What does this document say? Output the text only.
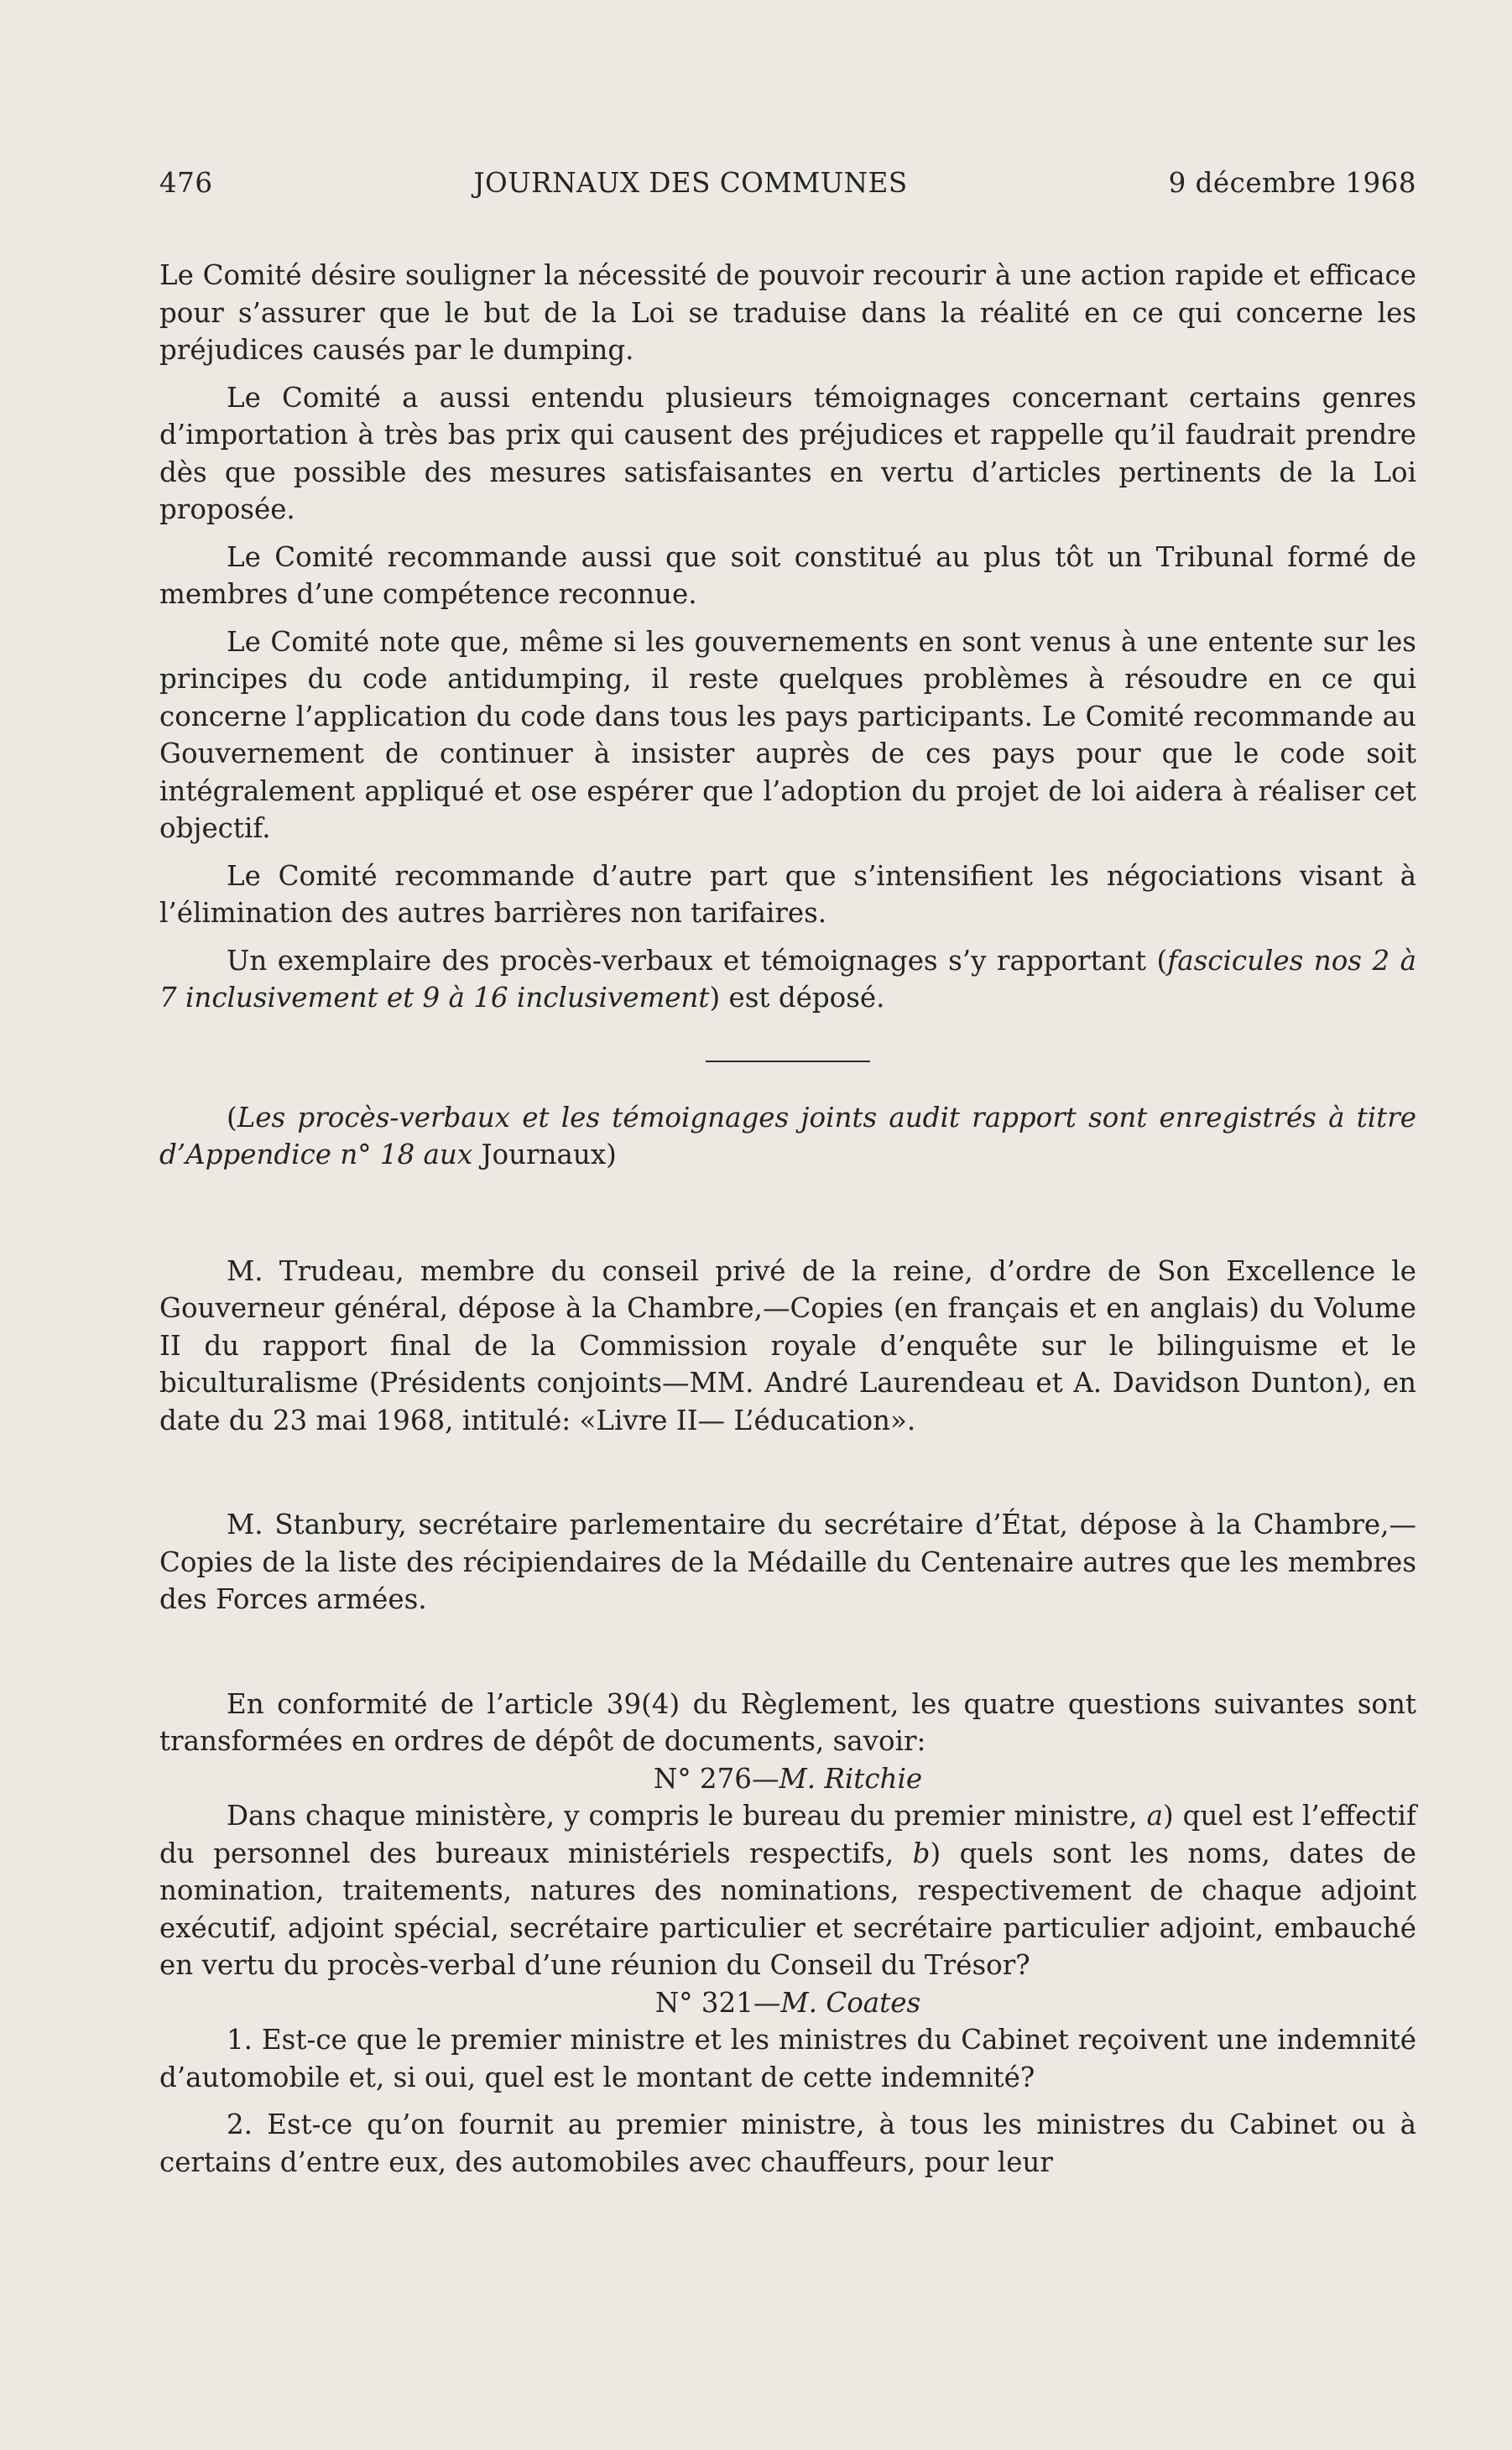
476	JOURNAUX DES COMMUNES	9 décembre 1968

Le Comité désire souligner la nécessité de pouvoir recourir à une action rapide et efficace pour s’assurer que le but de la Loi se traduise dans la réalité en ce qui concerne les préjudices causés par le dumping.

Le Comité a aussi entendu plusieurs témoignages concernant certains genres d’importation à très bas prix qui causent des préjudices et rappelle qu’il faudrait prendre dès que possible des mesures satisfaisantes en vertu d’articles pertinents de la Loi proposée.

Le Comité recommande aussi que soit constitué au plus tôt un Tribunal formé de membres d’une compétence reconnue.

Le Comité note que, même si les gouvernements en sont venus à une entente sur les principes du code antidumping, il reste quelques problèmes à résoudre en ce qui concerne l’application du code dans tous les pays participants. Le Comité recommande au Gouvernement de continuer à insister auprès de ces pays pour que le code soit intégralement appliqué et ose espérer que l’adoption du projet de loi aidera à réaliser cet objectif.

Le Comité recommande d’autre part que s’intensifient les négociations visant à l’élimination des autres barrières non tarifaires.

Un exemplaire des procès-verbaux et témoignages s’y rapportant (fascicules nos 2 à 7 inclusivement et 9 à 16 inclusivement) est déposé.

(Les procès-verbaux et les témoignages joints audit rapport sont enregistrés à titre d’Appendice n° 18 aux Journaux)

M. Trudeau, membre du conseil privé de la reine, d’ordre de Son Excellence le Gouverneur général, dépose à la Chambre,—Copies (en français et en anglais) du Volume II du rapport final de la Commission royale d’enquête sur le bilinguisme et le biculturalisme (Présidents conjoints—MM. André Laurendeau et A. Davidson Dunton), en date du 23 mai 1968, intitulé: «Livre II— L’éducation».

M. Stanbury, secrétaire parlementaire du secrétaire d’État, dépose à la Chambre,—Copies de la liste des récipiendaires de la Médaille du Centenaire autres que les membres des Forces armées.

En conformité de l’article 39(4) du Règlement, les quatre questions suivantes sont transformées en ordres de dépôt de documents, savoir:

N° 276—M. Ritchie

Dans chaque ministère, y compris le bureau du premier ministre, a) quel est l’effectif du personnel des bureaux ministériels respectifs, b) quels sont les noms, dates de nomination, traitements, natures des nominations, respectivement de chaque adjoint exécutif, adjoint spécial, secrétaire particulier et secrétaire particulier adjoint, embauché en vertu du procès-verbal d’une réunion du Conseil du Trésor?

N° 321—M. Coates

1. Est-ce que le premier ministre et les ministres du Cabinet reçoivent une indemnité d’automobile et, si oui, quel est le montant de cette indemnité?

2. Est-ce qu’on fournit au premier ministre, à tous les ministres du Cabinet ou à certains d’entre eux, des automobiles avec chauffeurs, pour leur
